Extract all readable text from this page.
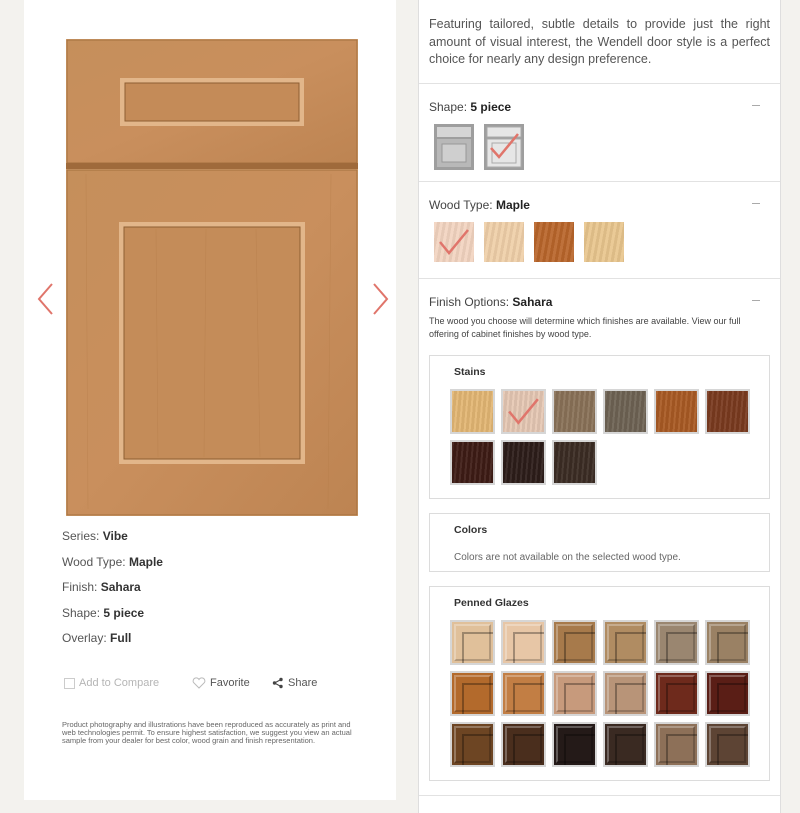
Series: Vibe
Wood Type: Maple
Finish: Sahara
Shape: 5 piece
Overlay: Full
Add to Compare	Favorite	Share
Product photography and illustrations have been reproduced as accurately as print and web technologies permit. To ensure highest satisfaction, we suggest you view an actual sample from your dealer for best color, wood grain and finish representation.
Featuring tailored, subtle details to provide just the right amount of visual interest, the Wendell door style is a perfect choice for nearly any design preference.
Shape: 5 piece
Wood Type: Maple
Finish Options: Sahara
The wood you choose will determine which finishes are available. View our full offering of cabinet finishes by wood type.
Stains
Colors
Colors are not available on the selected wood type.
Penned Glazes
